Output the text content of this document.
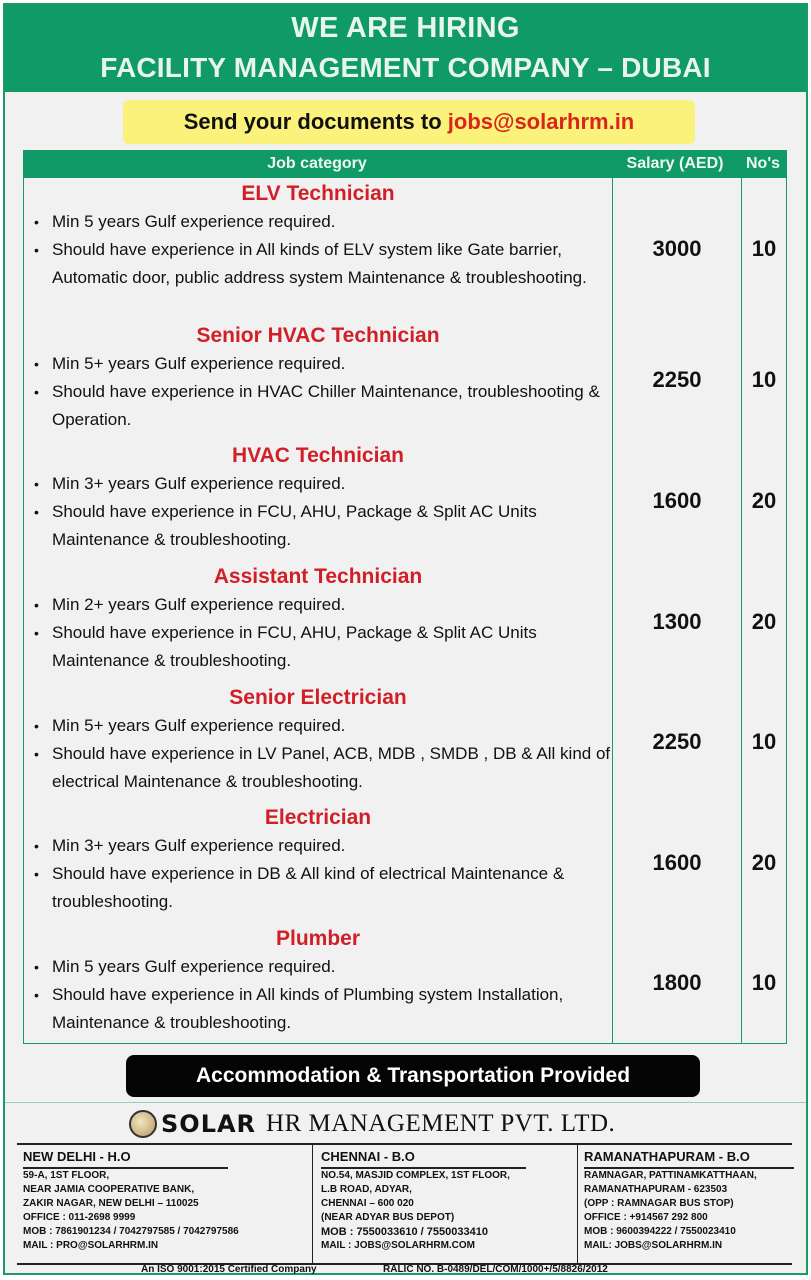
WE ARE HIRING
FACILITY MANAGEMENT COMPANY – DUBAI
Send your documents to jobs@solarhrm.in
Job category	Salary (AED)	No's
ELV Technician
• Min 5 years Gulf experience required.
• Should have experience in All kinds of ELV system like Gate barrier, Automatic door, public address system Maintenance & troubleshooting.
3000	10
Senior HVAC Technician
• Min 5+ years Gulf experience required.
• Should have experience in HVAC Chiller Maintenance, troubleshooting & Operation.
2250	10
HVAC Technician
• Min 3+ years Gulf experience required.
• Should have experience in FCU, AHU, Package & Split AC Units Maintenance & troubleshooting.
1600	20
Assistant Technician
• Min 2+ years Gulf experience required.
• Should have experience in FCU, AHU, Package & Split AC Units Maintenance & troubleshooting.
1300	20
Senior Electrician
• Min 5+ years Gulf experience required.
• Should have experience in LV Panel, ACB, MDB , SMDB , DB & All kind of electrical Maintenance & troubleshooting.
2250	10
Electrician
• Min 3+ years Gulf experience required.
• Should have experience in DB & All kind of electrical Maintenance & troubleshooting.
1600	20
Plumber
• Min 5 years Gulf experience required.
• Should have experience in All kinds of Plumbing system Installation, Maintenance & troubleshooting.
1800	10
Accommodation & Transportation Provided
SOLAR HR MANAGEMENT PVT. LTD.
NEW DELHI - H.O
59-A, 1ST FLOOR,
NEAR JAMIA COOPERATIVE BANK,
ZAKIR NAGAR, NEW DELHI – 110025
OFFICE : 011-2698 9999
MOB : 7861901234 / 7042797585 / 7042797586
MAIL : PRO@SOLARHRM.IN
CHENNAI - B.O
NO.54, MASJID COMPLEX, 1ST FLOOR,
L.B ROAD, ADYAR,
CHENNAI – 600 020
(NEAR ADYAR BUS DEPOT)
MOB : 7550033610 / 7550033410
MAIL : JOBS@SOLARHRM.COM
RAMANATHAPURAM - B.O
RAMNAGAR, PATTINAMKATTHAAN,
RAMANATHAPURAM - 623503
(OPP : RAMNAGAR BUS STOP)
OFFICE : +914567 292 800
MOB : 9600394222 / 7550023410
MAIL: JOBS@SOLARHRM.IN
An ISO 9001:2015 Certified Company	RALIC NO. B-0489/DEL/COM/1000+/5/8826/2012
